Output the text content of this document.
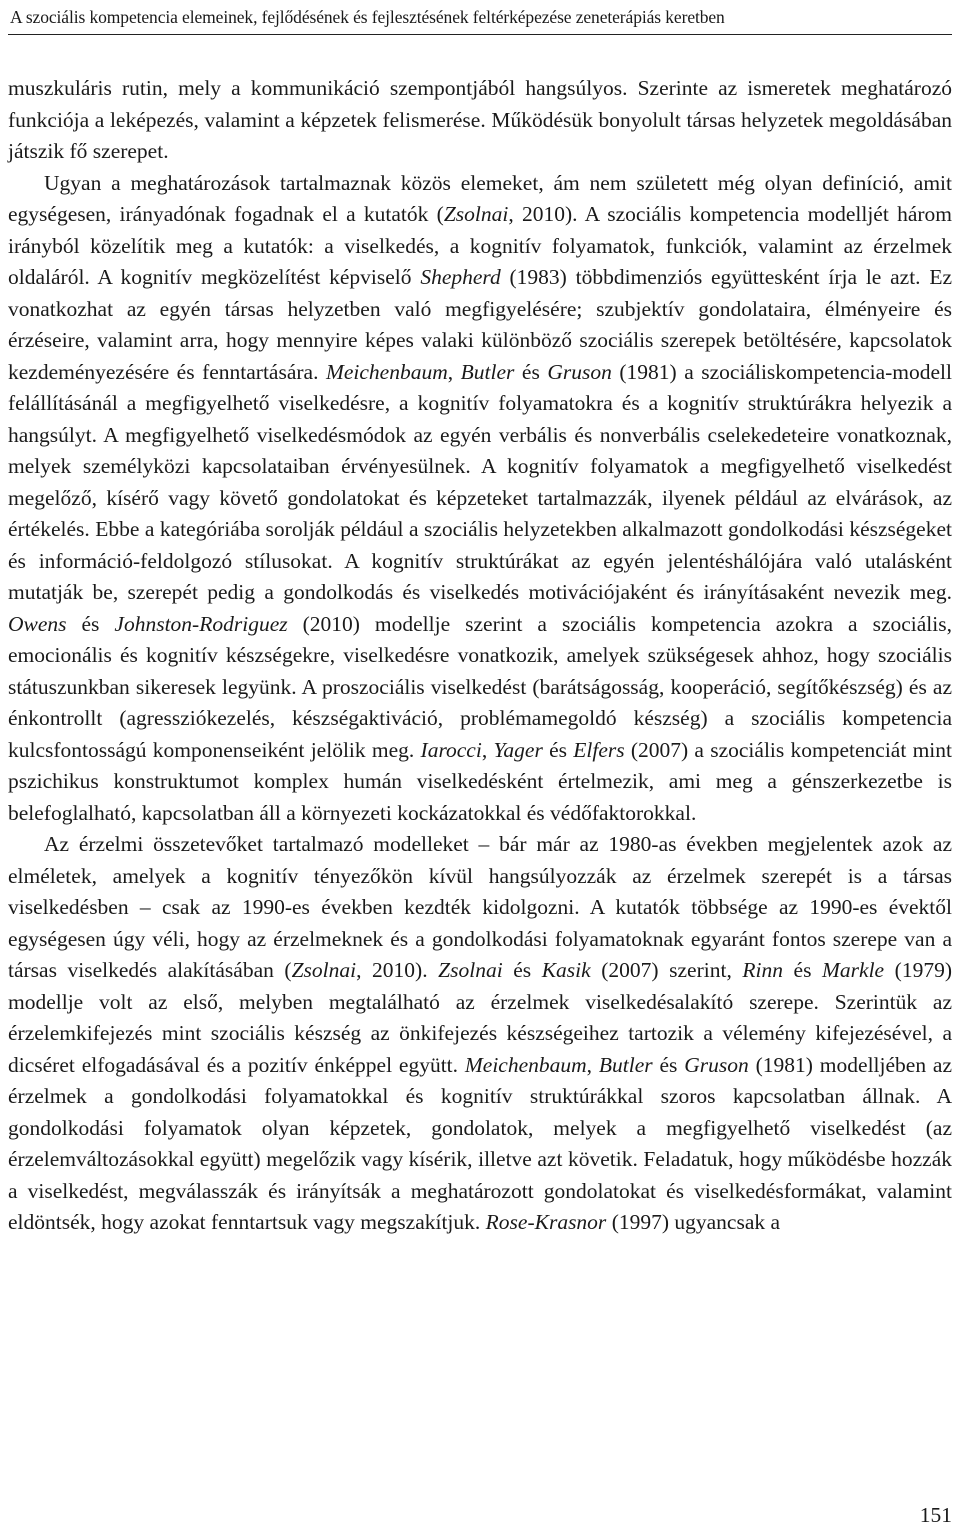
A szociális kompetencia elemeinek, fejlődésének és fejlesztésének feltérképezése zeneterápiás keretben

muszkuláris rutin, mely a kommunikáció szempontjából hangsúlyos. Szerinte az ismeretek meghatározó funkciója a leképezés, valamint a képzetek felismerése. Működésük bonyolult társas helyzetek megoldásában játszik fő szerepet.

Ugyan a meghatározások tartalmaznak közös elemeket, ám nem született még olyan definíció, amit egységesen, irányadónak fogadnak el a kutatók (Zsolnai, 2010). A szociális kompetencia modelljét három irányból közelítik meg a kutatók: a viselkedés, a kognitív folyamatok, funkciók, valamint az érzelmek oldaláról. A kognitív megközelítést képviselő Shepherd (1983) többdimenziós együttesként írja le azt. Ez vonatkozhat az egyén társas helyzetben való megfigyelésére; szubjektív gondolataira, élményeire és érzéseire, valamint arra, hogy mennyire képes valaki különböző szociális szerepek betöltésére, kapcsolatok kezdeményezésére és fenntartására. Meichenbaum, Butler és Gruson (1981) a szociáliskompetencia-modell felállításánál a megfigyelhető viselkedésre, a kognitív folyamatokra és a kognitív struktúrákra helyezik a hangsúlyt. A megfigyelhető viselkedésmódok az egyén verbális és nonverbális cselekedeteire vonatkoznak, melyek személyközi kapcsolataiban érvényesülnek. A kognitív folyamatok a megfigyelhető viselkedést megelőző, kísérő vagy követő gondolatokat és képzeteket tartalmazzák, ilyenek például az elvárások, az értékelés. Ebbe a kategóriába sorolják például a szociális helyzetekben alkalmazott gondolkodási készségeket és információ-feldolgozó stílusokat. A kognitív struktúrákat az egyén jelentéshálójára való utalásként mutatják be, szerepét pedig a gondolkodás és viselkedés motivációjaként és irányításaként nevezik meg. Owens és Johnston-Rodriguez (2010) modellje szerint a szociális kompetencia azokra a szociális, emocionális és kognitív készségekre, viselkedésre vonatkozik, amelyek szükségesek ahhoz, hogy szociális státuszunkban sikeresek legyünk. A proszociális viselkedést (barátságosság, kooperáció, segítőkészség) és az énkontrollt (agressziókezelés, készségaktiváció, problémamegoldó készség) a szociális kompetencia kulcsfontosságú komponenseiként jelölik meg. Iarocci, Yager és Elfers (2007) a szociális kompetenciát mint pszichikus konstruktumot komplex humán viselkedésként értelmezik, ami meg a génszerkezetbe is belefoglalható, kapcsolatban áll a környezeti kockázatokkal és védőfaktorokkal.

Az érzelmi összetevőket tartalmazó modelleket – bár már az 1980-as években megjelentek azok az elméletek, amelyek a kognitív tényezőkön kívül hangsúlyozzák az érzelmek szerepét is a társas viselkedésben – csak az 1990-es években kezdték kidolgozni. A kutatók többsége az 1990-es évektől egységesen úgy véli, hogy az érzelmeknek és a gondolkodási folyamatoknak egyaránt fontos szerepe van a társas viselkedés alakításában (Zsolnai, 2010). Zsolnai és Kasik (2007) szerint, Rinn és Markle (1979) modellje volt az első, melyben megtalálható az érzelmek viselkedésalakító szerepe. Szerintük az érzelemkifejezés mint szociális készség az önkifejezés készségeihez tartozik a vélemény kifejezésével, a dicséret elfogadásával és a pozitív énképpel együtt. Meichenbaum, Butler és Gruson (1981) modelljében az érzelmek a gondolkodási folyamatokkal és kognitív struktúrákkal szoros kapcsolatban állnak. A gondolkodási folyamatok olyan képzetek, gondolatok, melyek a megfigyelhető viselkedést (az érzelemváltozásokkal együtt) megelőzik vagy kísérik, illetve azt követik. Feladatuk, hogy működésbe hozzák a viselkedést, megválasszák és irányítsák a meghatározott gondolatokat és viselkedésformákat, valamint eldöntsék, hogy azokat fenntartsuk vagy megszakítjuk. Rose-Krasnor (1997) ugyancsak a

151
